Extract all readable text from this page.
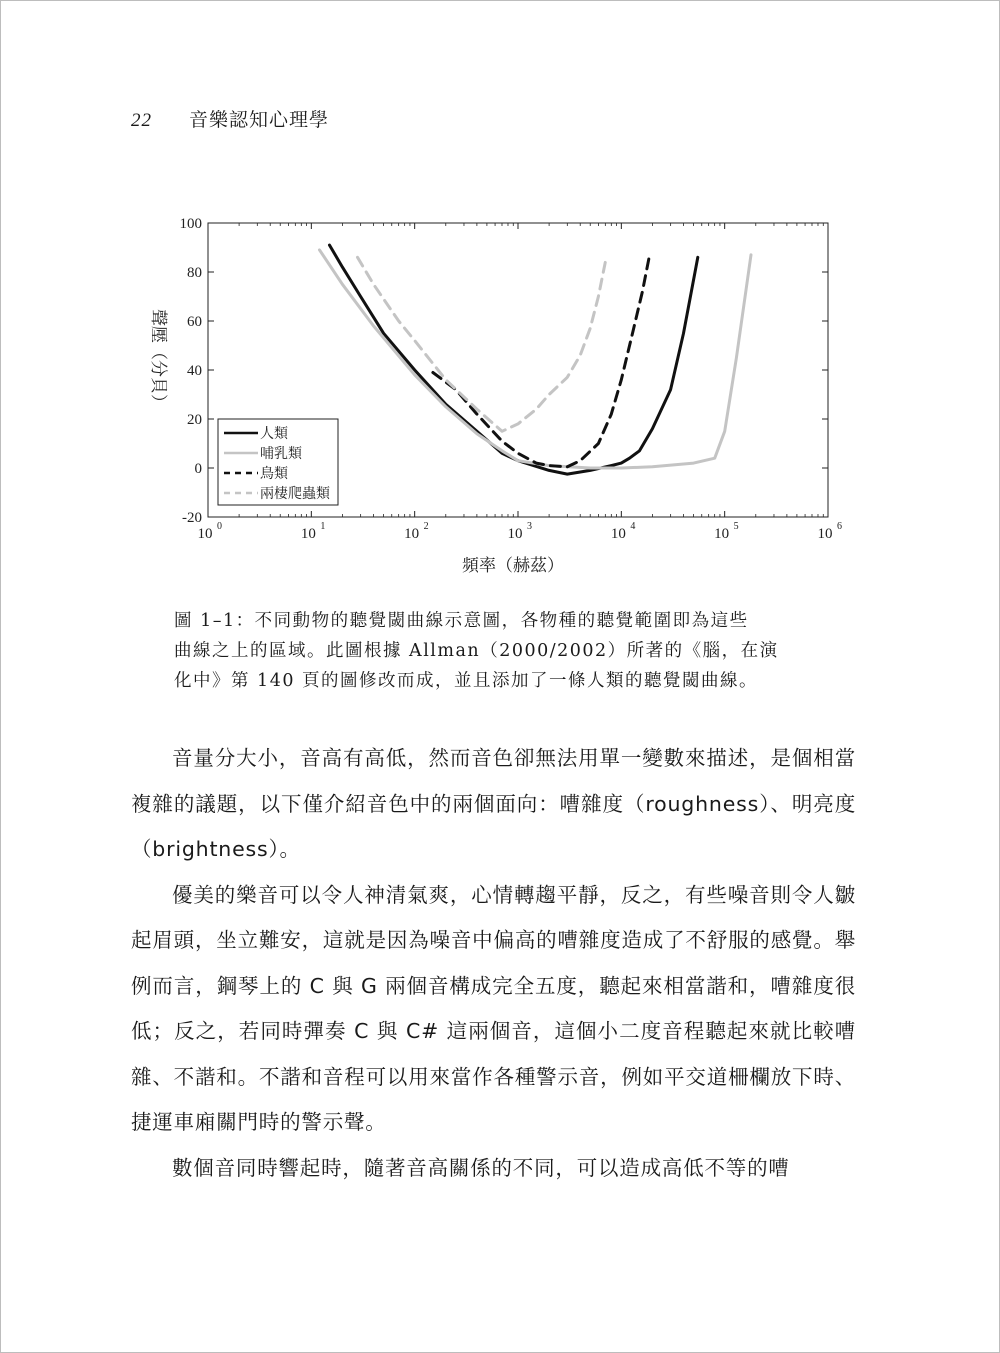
22 音樂認知心理學
-20
0
20
40
60
80
100
10 0	10 1	10 2	10 3	10 4	10 5	10 6
人類
哺乳類
鳥類
兩棲爬蟲類
聲壓（分貝）
頻率（赫茲）

圖 1–1：不同動物的聽覺閾曲線示意圖，各物種的聽覺範圍即為這些

曲線之上的區域。此圖根據 Allman（2000/2002）所著的《腦，在演

化中》第 140 頁的圖修改而成，並且添加了一條人類的聽覺閾曲線。

音量分大小，音高有高低，然而音色卻無法用單一變數來描述，是個相當複雜的議題，以下僅介紹音色中的兩個面向：嘈雜度（roughness）、明亮度（brightness）。

優美的樂音可以令人神清氣爽，心情轉趨平靜，反之，有些噪音則令人皺起眉頭，坐立難安，這就是因為噪音中偏高的嘈雜度造成了不舒服的感覺。舉例而言，鋼琴上的 C 與 G 兩個音構成完全五度，聽起來相當諧和，嘈雜度很低；反之，若同時彈奏 C 與 C# 這兩個音，這個小二度音程聽起來就比較嘈雜、不諧和。不諧和音程可以用來當作各種警示音，例如平交道柵欄放下時、捷運車廂關門時的警示聲。

數個音同時響起時，隨著音高關係的不同，可以造成高低不等的嘈
